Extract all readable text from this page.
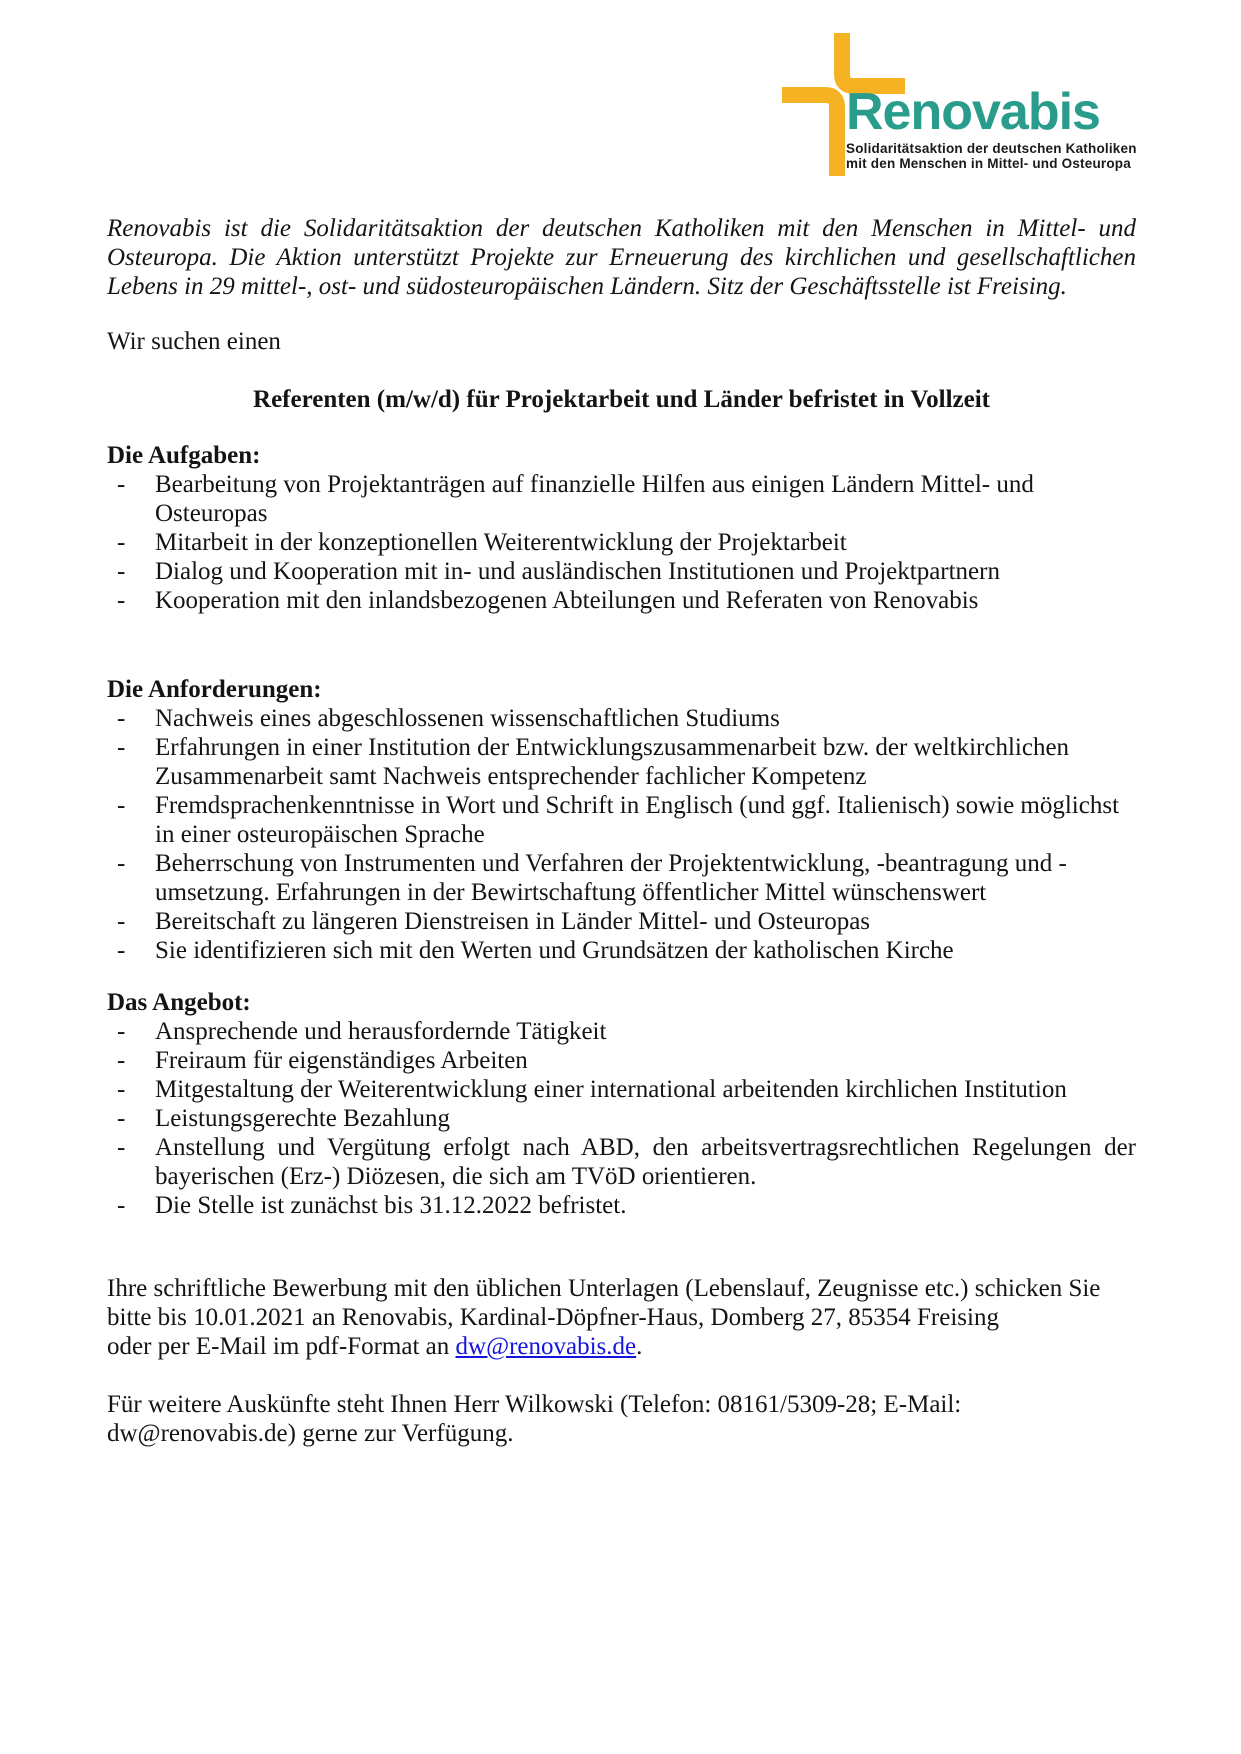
Renovabis
Solidaritätsaktion der deutschen Katholiken
mit den Menschen in Mittel- und Osteuropa

Renovabis ist die Solidaritätsaktion der deutschen Katholiken mit den Menschen in Mittel- und Osteuropa. Die Aktion unterstützt Projekte zur Erneuerung des kirchlichen und gesellschaftlichen Lebens in 29 mittel-, ost- und südosteuropäischen Ländern. Sitz der Geschäftsstelle ist Freising.

Wir suchen einen

Referenten (m/w/d) für Projektarbeit und Länder befristet in Vollzeit
Die Aufgaben:
- Bearbeitung von Projektanträgen auf finanzielle Hilfen aus einigen Ländern Mittel- und Osteuropas
- Mitarbeit in der konzeptionellen Weiterentwicklung der Projektarbeit
- Dialog und Kooperation mit in- und ausländischen Institutionen und Projektpartnern
- Kooperation mit den inlandsbezogenen Abteilungen und Referaten von Renovabis
Die Anforderungen:
- Nachweis eines abgeschlossenen wissenschaftlichen Studiums
- Erfahrungen in einer Institution der Entwicklungszusammenarbeit bzw. der weltkirchlichen Zusammenarbeit samt Nachweis entsprechender fachlicher Kompetenz
- Fremdsprachenkenntnisse in Wort und Schrift in Englisch (und ggf. Italienisch) sowie möglichst in einer osteuropäischen Sprache
- Beherrschung von Instrumenten und Verfahren der Projektentwicklung, -beantragung und -umsetzung. Erfahrungen in der Bewirtschaftung öffentlicher Mittel wünschenswert
- Bereitschaft zu längeren Dienstreisen in Länder Mittel- und Osteuropas
- Sie identifizieren sich mit den Werten und Grundsätzen der katholischen Kirche
Das Angebot:
- Ansprechende und herausfordernde Tätigkeit
- Freiraum für eigenständiges Arbeiten
- Mitgestaltung der Weiterentwicklung einer international arbeitenden kirchlichen Institution
- Leistungsgerechte Bezahlung
- Anstellung und Vergütung erfolgt nach ABD, den arbeitsvertragsrechtlichen Regelungen der bayerischen (Erz-) Diözesen, die sich am TVöD orientieren.
- Die Stelle ist zunächst bis 31.12.2022 befristet.

Ihre schriftliche Bewerbung mit den üblichen Unterlagen (Lebenslauf, Zeugnisse etc.) schicken Sie
bitte bis 10.01.2021 an Renovabis, Kardinal-Döpfner-Haus, Domberg 27, 85354 Freising
oder per E-Mail im pdf-Format an dw@renovabis.de.

Für weitere Auskünfte steht Ihnen Herr Wilkowski (Telefon: 08161/5309-28; E-Mail:
dw@renovabis.de) gerne zur Verfügung.
